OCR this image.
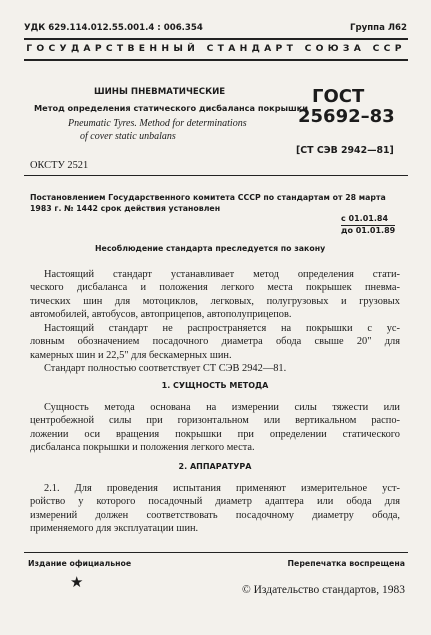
УДК 629.114.012.55.001.4 : 006.354	Группа Л62
ГОСУДАРСТВЕННЫЙ СТАНДАРТ СОЮЗА ССР
ШИНЫ ПНЕВМАТИЧЕСКИЕ
Метод определения статического дисбаланса покрышки
Pneumatic Tyres. Method for determinations
of cover static unbalans
ГОСТ
25692–83
[СТ СЭВ 2942—81]
ОКСТУ 2521
Постановлением Государственного комитета СССР по стандартам от 28 марта
1983 г. № 1442 срок действия установлен
с 01.01.84
до 01.01.89
Несоблюдение стандарта преследуется по закону
Настоящий стандарт устанавливает метод определения стати-
ческого дисбаланса и положения легкого места покрышек пневма-
тических шин для мотоциклов, легковых, полугрузовых и грузовых
автомобилей, автобусов, автоприцепов, автополуприцепов.
Настоящий стандарт не распространяется на покрышки с ус-
ловным обозначением посадочного диаметра обода свыше 20" для
камерных шин и 22,5" для бескамерных шин.
Стандарт полностью соответствует СТ СЭВ 2942—81.
1. СУЩНОСТЬ МЕТОДА
Сущность метода основана на измерении силы тяжести или
центробежной силы при горизонтальном или вертикальном распо-
ложении оси вращения покрышки при определении статического
дисбаланса покрышки и положения легкого места.
2. АППАРАТУРА
2.1. Для проведения испытания применяют измерительное уст-
ройство у которого посадочный диаметр адаптера или обода для
измерений должен соответствовать посадочному диаметру обода,
применяемого для эксплуатации шин.
Издание официальное	Перепечатка воспрещена
★	© Издательство стандартов, 1983
